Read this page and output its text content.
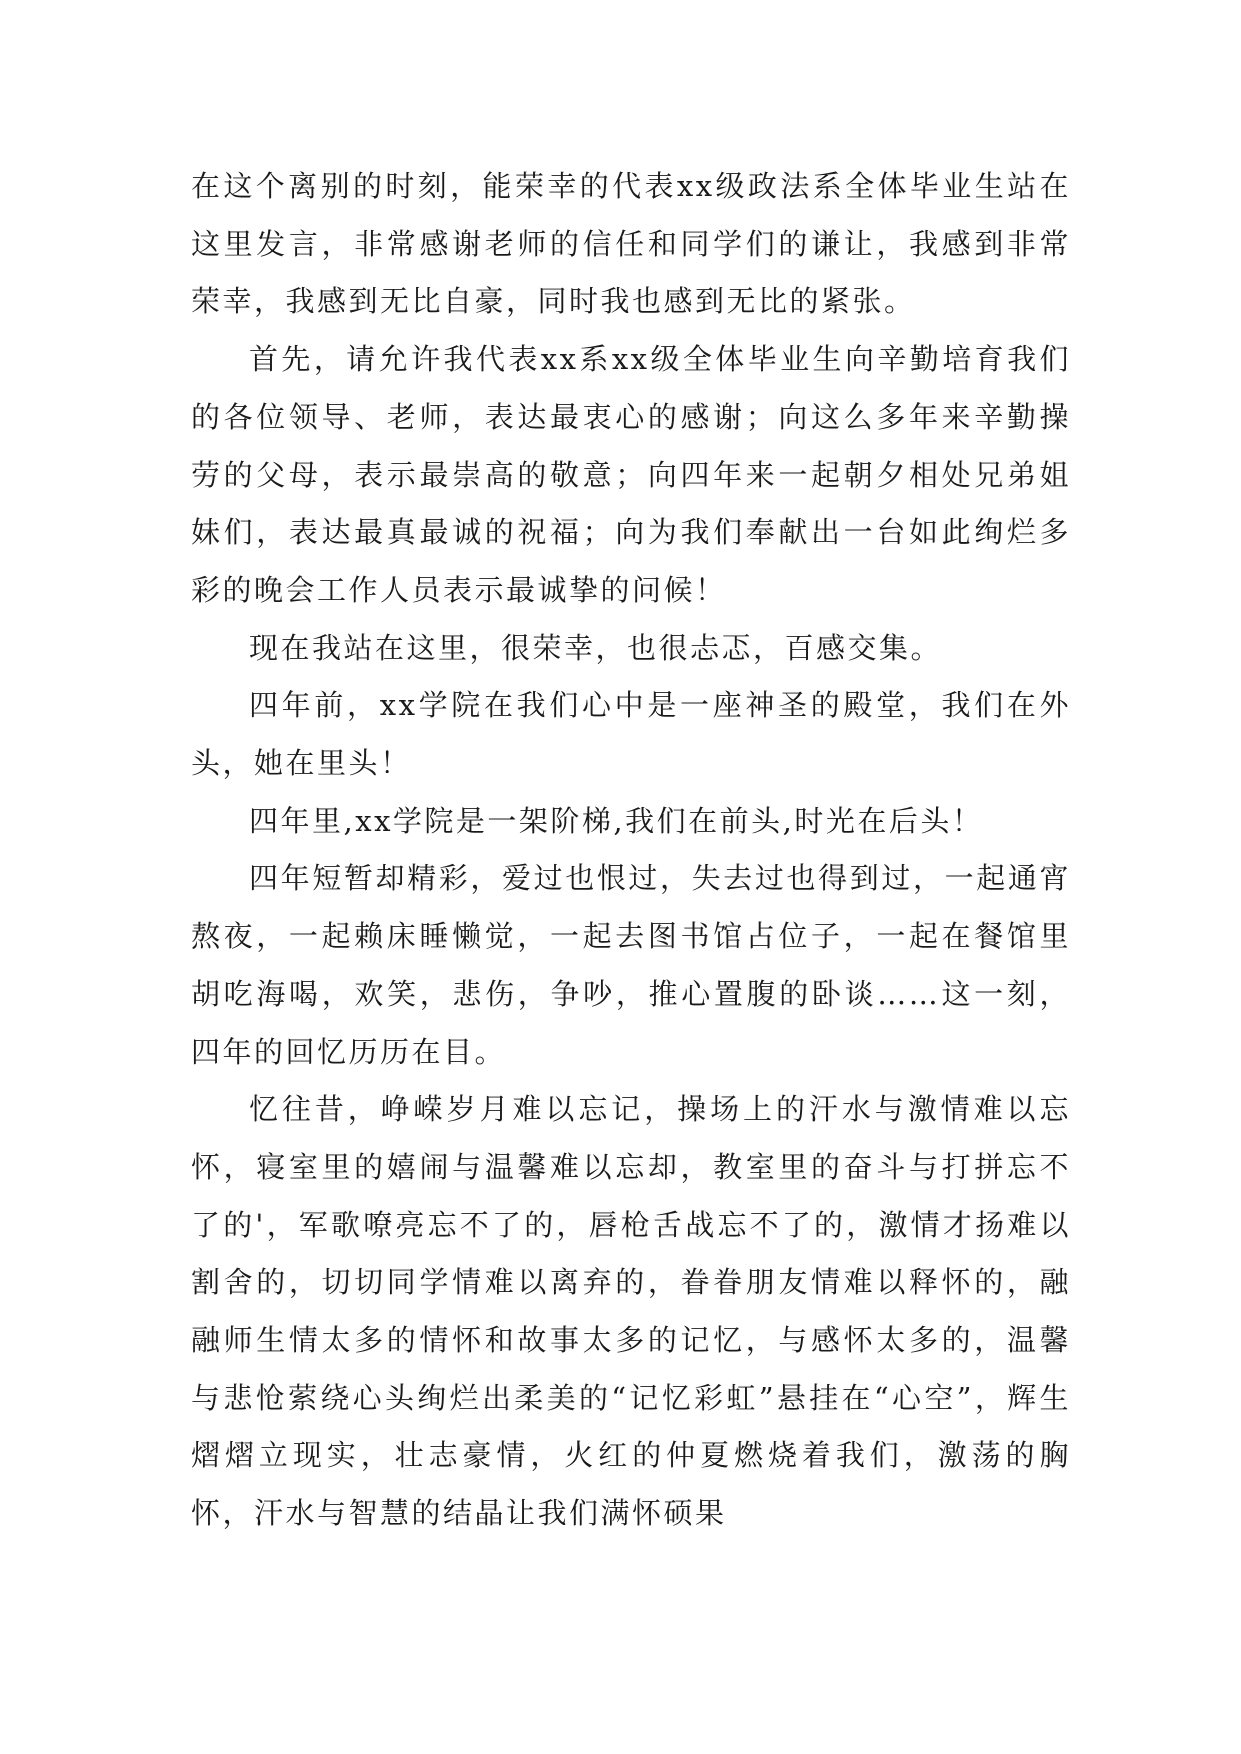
在这个离别的时刻，能荣幸的代表xx级政法系全体毕业生站在这里发言，非常感谢老师的信任和同学们的谦让，我感到非常荣幸，我感到无比自豪，同时我也感到无比的紧张。

首先，请允许我代表xx系xx级全体毕业生向辛勤培育我们的各位领导、老师，表达最衷心的感谢；向这么多年来辛勤操劳的父母，表示最崇高的敬意；向四年来一起朝夕相处兄弟姐妹们，表达最真最诚的祝福；向为我们奉献出一台如此绚烂多彩的晚会工作人员表示最诚挚的问候！

现在我站在这里，很荣幸，也很忐忑，百感交集。

四年前，xx学院在我们心中是一座神圣的殿堂，我们在外头，她在里头！

四年里,xx学院是一架阶梯,我们在前头,时光在后头！

四年短暂却精彩，爱过也恨过，失去过也得到过，一起通宵熬夜，一起赖床睡懒觉，一起去图书馆占位子，一起在餐馆里胡吃海喝，欢笑，悲伤，争吵，推心置腹的卧谈……这一刻，四年的回忆历历在目。

忆往昔，峥嵘岁月难以忘记，操场上的汗水与激情难以忘怀，寝室里的嬉闹与温馨难以忘却，教室里的奋斗与打拼忘不了的'，军歌嘹亮忘不了的，唇枪舌战忘不了的，激情才扬难以割舍的，切切同学情难以离弃的，眷眷朋友情难以释怀的，融融师生情太多的情怀和故事太多的记忆，与感怀太多的，温馨与悲怆萦绕心头绚烂出柔美的“记忆彩虹”悬挂在“心空”，辉生熠熠立现实，壮志豪情，火红的仲夏燃烧着我们，激荡的胸怀，汗水与智慧的结晶让我们满怀硕果
